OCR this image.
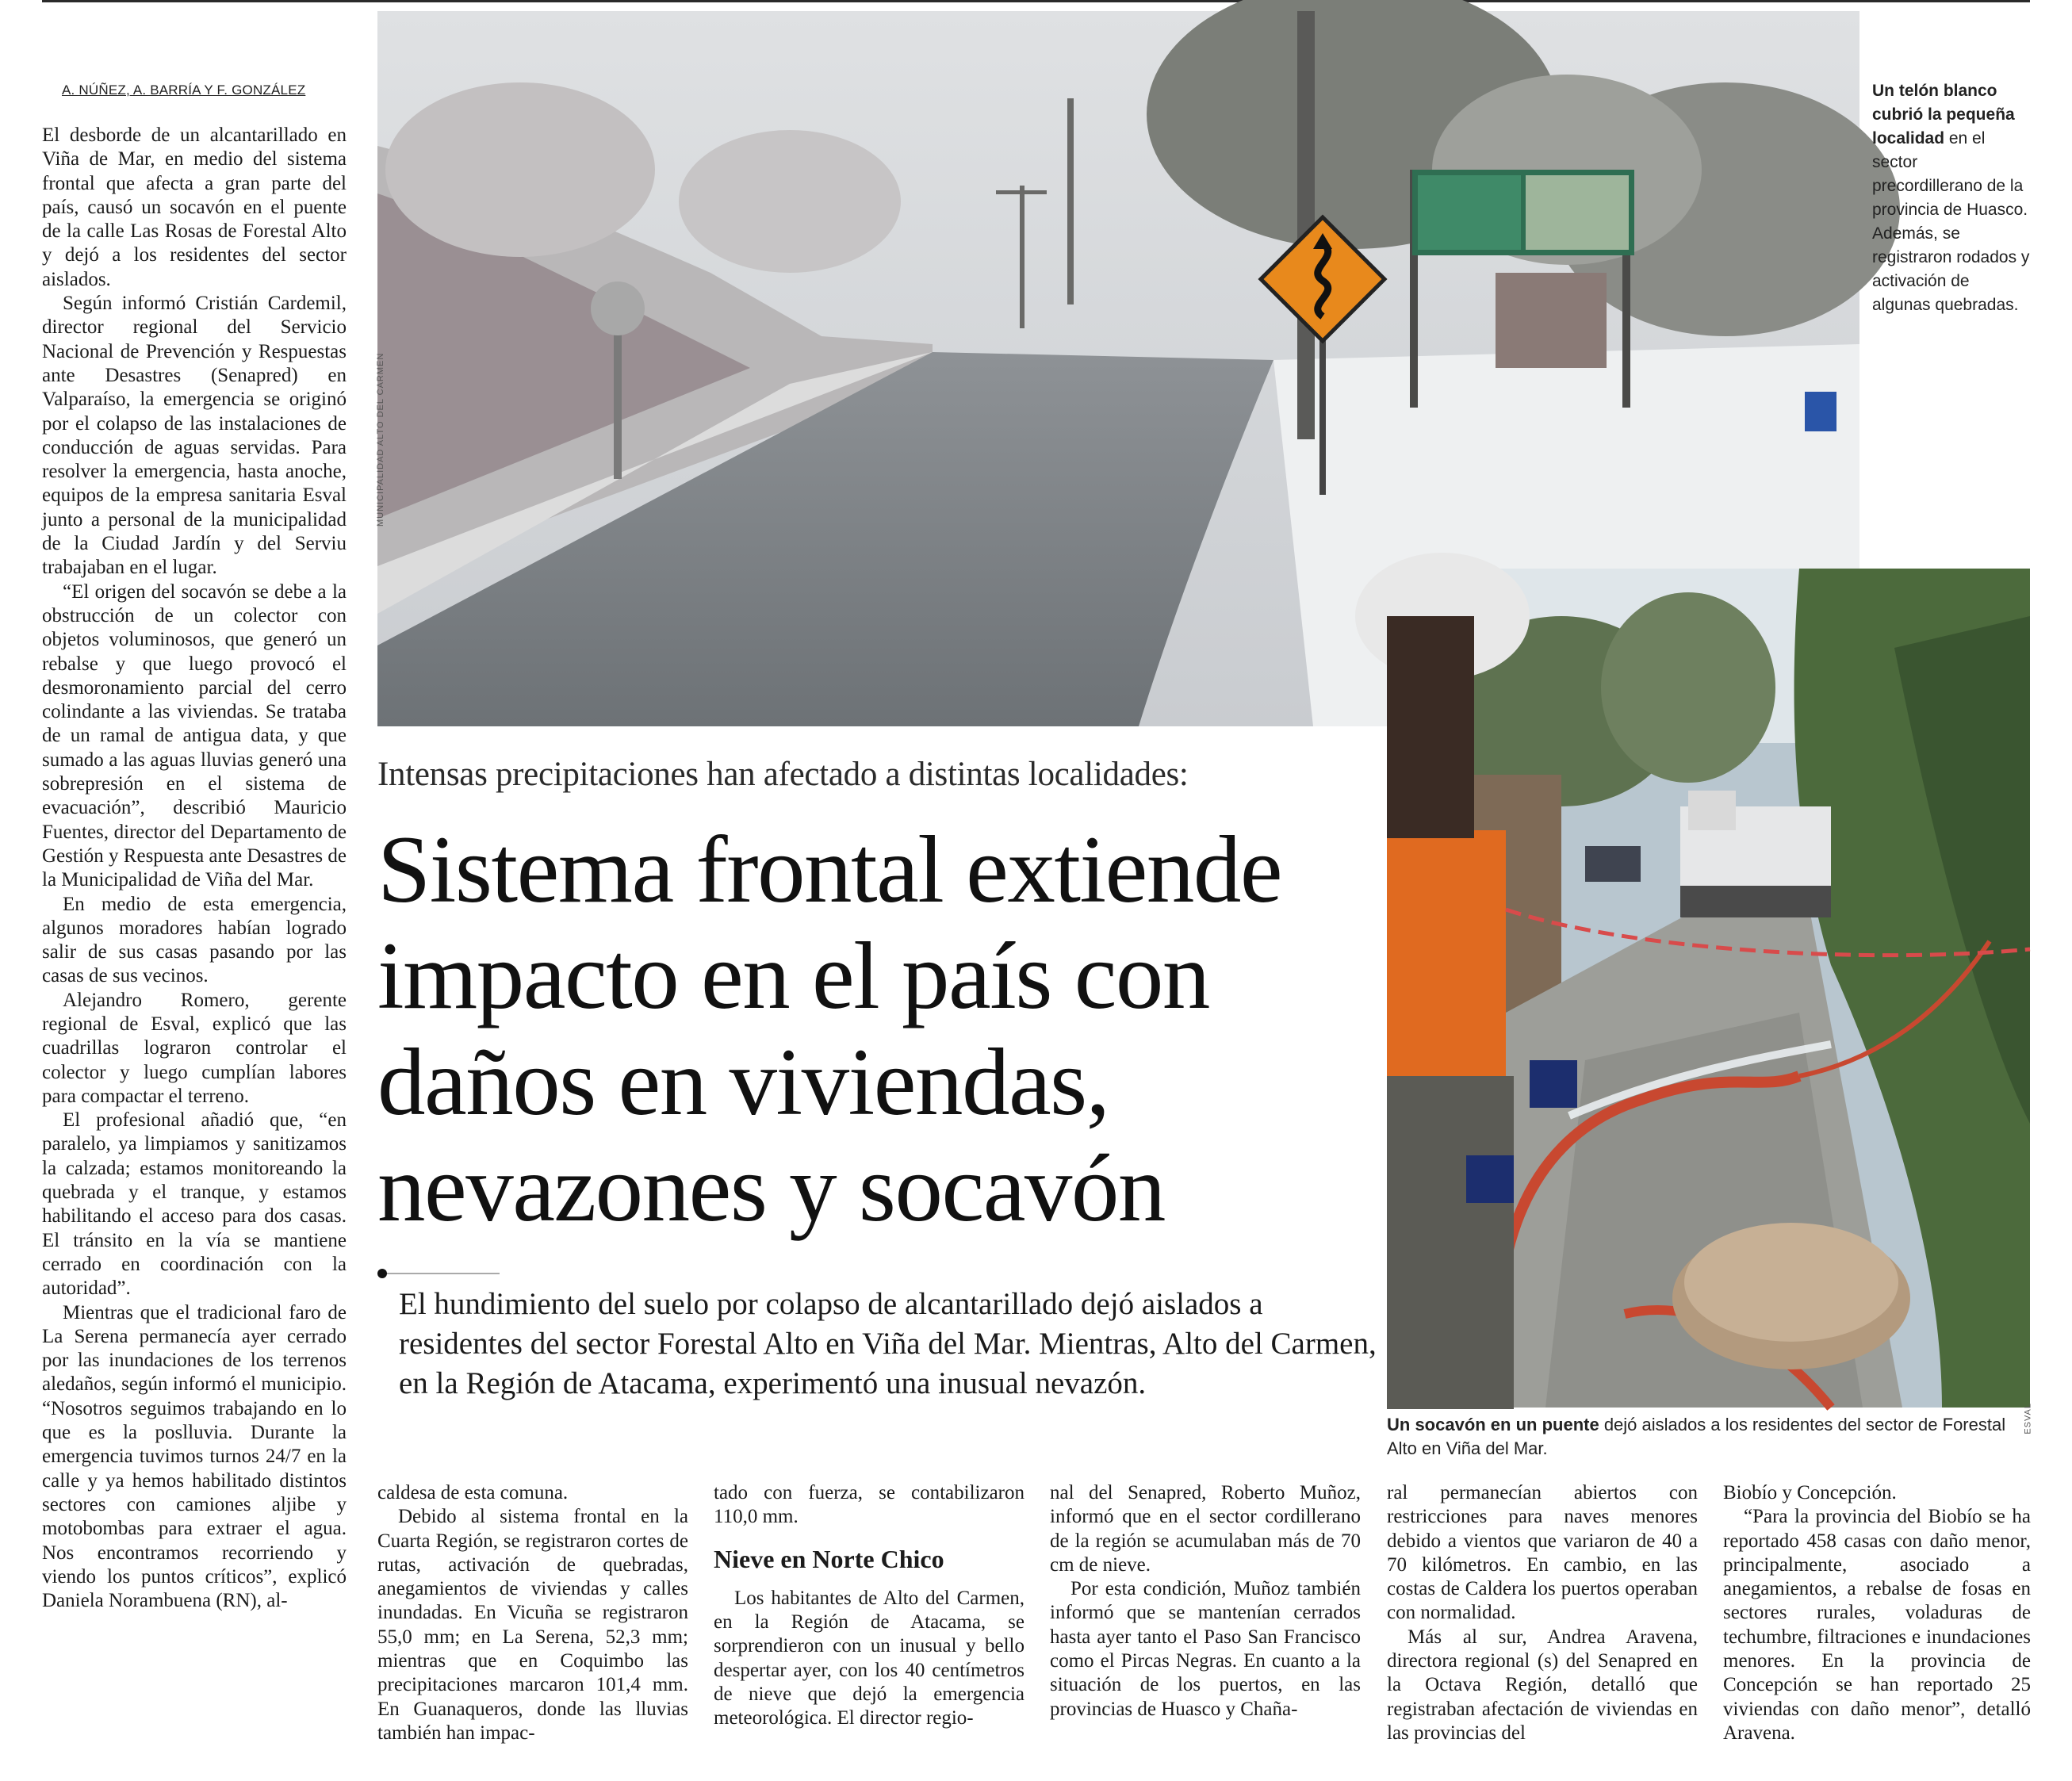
A. NÚÑEZ, A. BARRÍA Y F. GONZÁLEZ

El desborde de un alcantarillado en Viña de Mar, en medio del sistema frontal que afecta a gran parte del país, causó un socavón en el puente de la calle Las Rosas de Forestal Alto y dejó a los residentes del sector aislados.

Según informó Cristián Cardemil, director regional del Servicio Nacional de Prevención y Respuestas ante Desastres (Senapred) en Valparaíso, la emergencia se originó por el colapso de las instalaciones de conducción de aguas servidas. Para resolver la emergencia, hasta anoche, equipos de la empresa sanitaria Esval junto a personal de la municipalidad de la Ciudad Jardín y del Serviu trabajaban en el lugar.

“El origen del socavón se debe a la obstrucción de un colector con objetos voluminosos, que generó un rebalse y que luego provocó el desmoronamiento parcial del cerro colindante a las viviendas. Se trataba de un ramal de antigua data, y que sumado a las aguas lluvias generó una sobrepresión en el sistema de evacuación”, describió Mauricio Fuentes, director del Departamento de Gestión y Respuesta ante Desastres de la Municipalidad de Viña del Mar.

En medio de esta emergencia, algunos moradores habían logrado salir de sus casas pasando por las casas de sus vecinos.

Alejandro Romero, gerente regional de Esval, explicó que las cuadrillas lograron controlar el colector y luego cumplían labores para compactar el terreno.

El profesional añadió que, “en paralelo, ya limpiamos y sanitizamos la calzada; estamos monitoreando la quebrada y el tranque, y estamos habilitando el acceso para dos casas. El tránsito en la vía se mantiene cerrado en coordinación con la autoridad”.

Mientras que el tradicional faro de La Serena permanecía ayer cerrado por las inundaciones de los terrenos aledaños, según informó el municipio. “Nosotros seguimos trabajando en lo que es la poslluvia. Durante la emergencia tuvimos turnos 24/7 en la calle y ya hemos habilitado distintos sectores con camiones aljibe y motobombas para extraer el agua. Nos encontramos recorriendo y viendo los puntos críticos”, explicó Daniela Norambuena (RN), al-

MUNICIPALIDAD ALTO DEL CARMEN
Un telón blanco cubrió la pequeña localidad en el sector precordillerano de la provincia de Huasco. Además, se registraron rodados y activación de algunas quebradas.
ESVAL
Un socavón en un puente dejó aislados a los residentes del sector de Forestal Alto en Viña del Mar.
Intensas precipitaciones han afectado a distintas localidades:
Sistema frontal extiende impacto en el país con daños en viviendas, nevazones y socavón
El hundimiento del suelo por colapso de alcantarillado dejó aislados a residentes del sector Forestal Alto en Viña del Mar. Mientras, Alto del Carmen, en la Región de Atacama, experimentó una inusual nevazón.

caldesa de esta comuna.

Debido al sistema frontal en la Cuarta Región, se registraron cortes de rutas, activación de quebradas, anegamientos de viviendas y calles inundadas. En Vicuña se registraron 55,0 mm; en La Serena, 52,3 mm; mientras que en Coquimbo las precipitaciones marcaron 101,4 mm. En Guanaqueros, donde las lluvias también han impac-

tado con fuerza, se contabilizaron 110,0 mm.

Nieve en Norte Chico

Los habitantes de Alto del Carmen, en la Región de Atacama, se sorprendieron con un inusual y bello despertar ayer, con los 40 centímetros de nieve que dejó la emergencia meteorológica. El director regio-

nal del Senapred, Roberto Muñoz, informó que en el sector cordillerano de la región se acumulaban más de 70 cm de nieve.

Por esta condición, Muñoz también informó que se mantenían cerrados hasta ayer tanto el Paso San Francisco como el Pircas Negras. En cuanto a la situación de los puertos, en las provincias de Huasco y Chaña-

ral permanecían abiertos con restricciones para naves menores debido a vientos que variaron de 40 a 70 kilómetros. En cambio, en las costas de Caldera los puertos operaban con normalidad.

Más al sur, Andrea Aravena, directora regional (s) del Senapred en la Octava Región, detalló que registraban afectación de viviendas en las provincias del

Biobío y Concepción.

“Para la provincia del Biobío se ha reportado 458 casas con daño menor, principalmente, asociado a anegamientos, a rebalse de fosas en sectores rurales, voladuras de techumbre, filtraciones e inundaciones menores. En la provincia de Concepción se han reportado 25 viviendas con daño menor”, detalló Aravena.
